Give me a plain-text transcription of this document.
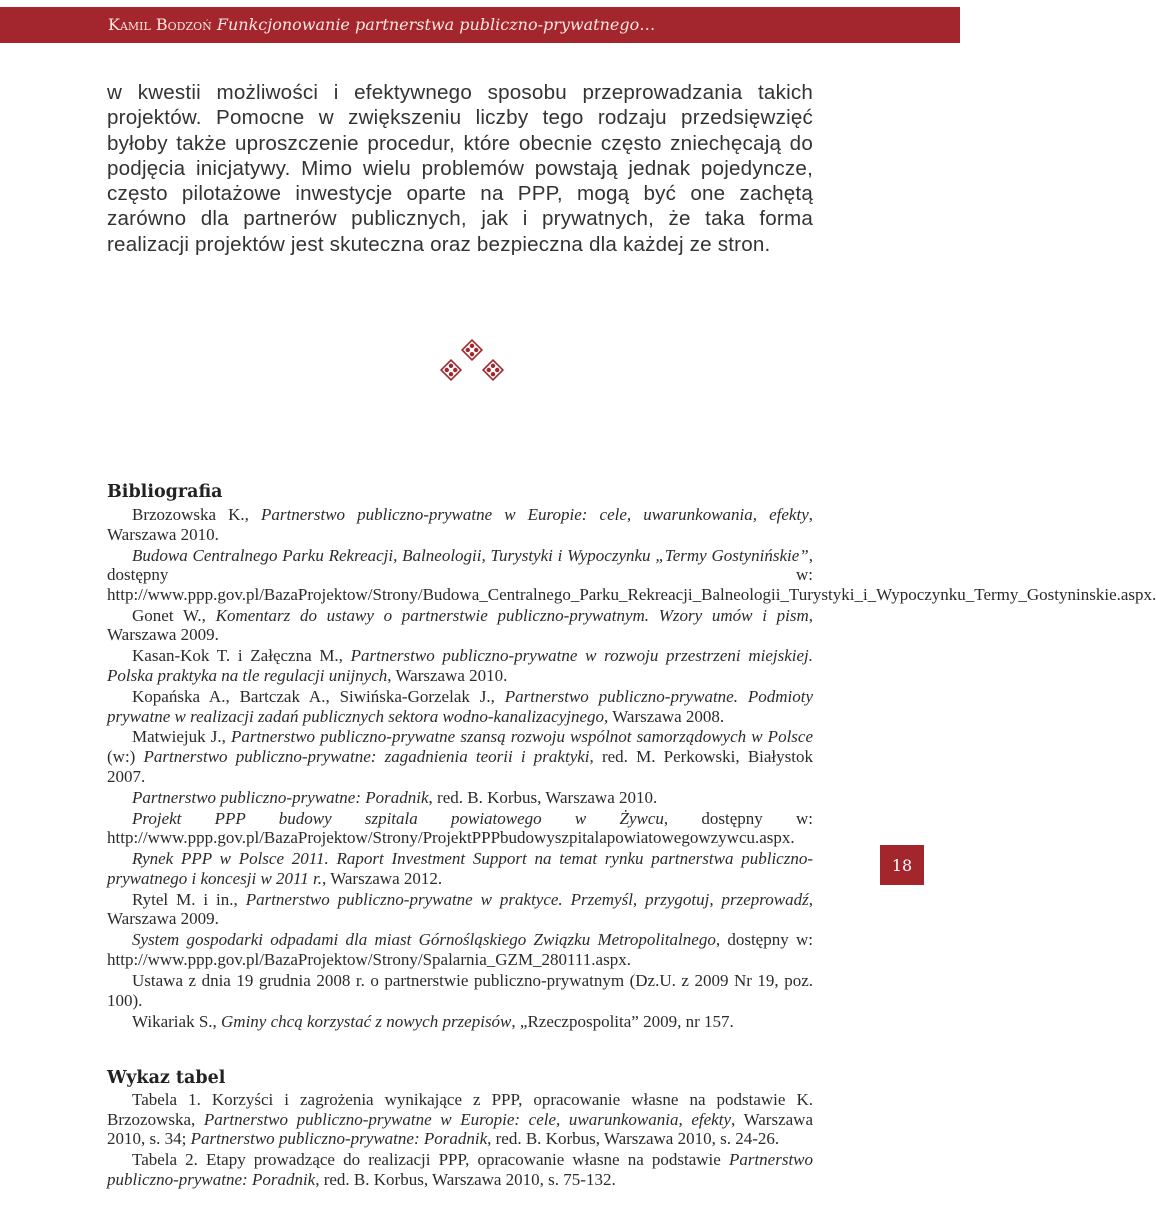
Kamil Bodzoń Funkcjonowanie partnerstwa publiczno-prywatnego…

w kwestii możliwości i efektywnego sposobu przeprowadzania takich projektów. Pomocne w zwiększeniu liczby tego rodzaju przedsięwzięć byłoby także uproszczenie procedur, które obecnie często zniechęcają do podjęcia inicjatywy. Mimo wielu problemów powstają jednak pojedyncze, często pilotażowe inwestycje oparte na PPP, mogą być one zachętą zarówno dla partnerów publicznych, jak i prywatnych, że taka forma realizacji projektów jest skuteczna oraz bezpieczna dla każdej ze stron.

Bibliografia

Brzozowska K., Partnerstwo publiczno-prywatne w Europie: cele, uwarunkowania, efekty, Warszawa 2010.

Budowa Centralnego Parku Rekreacji, Balneologii, Turystyki i Wypoczynku „Termy Gostynińskie”, dostępny w: http://www.ppp.gov.pl/BazaProjektow/Strony/Budowa_Centralnego_Parku_Rekreacji_Balneologii_Turystyki_i_Wypoczynku_Termy_Gostyninskie.aspx.

Gonet W., Komentarz do ustawy o partnerstwie publiczno-prywatnym. Wzory umów i pism, Warszawa 2009.

Kasan-Kok T. i Załęczna M., Partnerstwo publiczno-prywatne w rozwoju przestrzeni miejskiej. Polska praktyka na tle regulacji unijnych, Warszawa 2010.

Kopańska A., Bartczak A., Siwińska-Gorzelak J., Partnerstwo publiczno-prywatne. Podmioty prywatne w realizacji zadań publicznych sektora wodno-kanalizacyjnego, Warszawa 2008.

Matwiejuk J., Partnerstwo publiczno-prywatne szansą rozwoju wspólnot samorządowych w Polsce (w:) Partnerstwo publiczno-prywatne: zagadnienia teorii i praktyki, red. M. Perkowski, Białystok 2007.

Partnerstwo publiczno-prywatne: Poradnik, red. B. Korbus, Warszawa 2010.

Projekt PPP budowy szpitala powiatowego w Żywcu, dostępny w: http://www.ppp.gov.pl/BazaProjektow/Strony/ProjektPPPbudowyszpitalapowiatowegowzywcu.aspx.

Rynek PPP w Polsce 2011. Raport Investment Support na temat rynku partnerstwa publiczno-prywatnego i koncesji w 2011 r., Warszawa 2012.

Rytel M. i in., Partnerstwo publiczno-prywatne w praktyce. Przemyśl, przygotuj, przeprowadź, Warszawa 2009.

System gospodarki odpadami dla miast Górnośląskiego Związku Metropolitalnego, dostępny w: http://www.ppp.gov.pl/BazaProjektow/Strony/Spalarnia_GZM_280111.aspx.

Ustawa z dnia 19 grudnia 2008 r. o partnerstwie publiczno-prywatnym (Dz.U. z 2009 Nr 19, poz. 100).

Wikariak S., Gminy chcą korzystać z nowych przepisów, „Rzeczpospolita” 2009, nr 157.

Wykaz tabel

Tabela 1. Korzyści i zagrożenia wynikające z PPP, opracowanie własne na podstawie K. Brzozowska, Partnerstwo publiczno-prywatne w Europie: cele, uwarunkowania, efekty, Warszawa 2010, s. 34; Partnerstwo publiczno-prywatne: Poradnik, red. B. Korbus, Warszawa 2010, s. 24-26.

Tabela 2. Etapy prowadzące do realizacji PPP, opracowanie własne na podstawie Partnerstwo publiczno-prywatne: Poradnik, red. B. Korbus, Warszawa 2010, s. 75-132.

18
